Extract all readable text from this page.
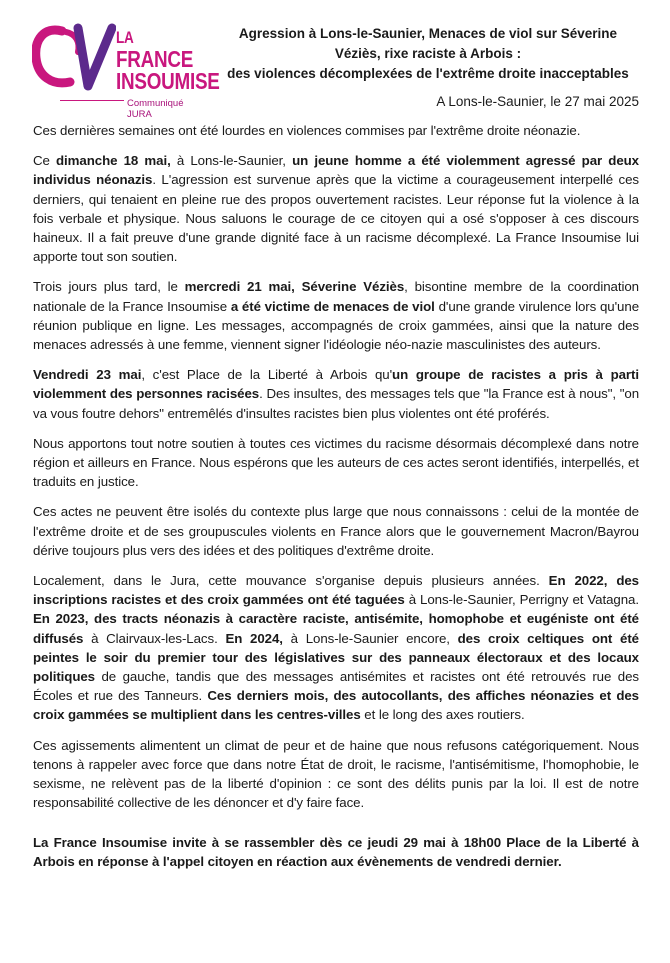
LA
FRANCE
INSOUMISE
Communiqué JURA
Agression à Lons-le-Saunier, Menaces de viol sur Séverine
Véziès, rixe raciste à Arbois :
des violences décomplexées de l'extrême droite inacceptables

A Lons-le-Saunier, le 27 mai 2025

Ces dernières semaines ont été lourdes en violences commises par l'extrême droite néonazie.

Ce dimanche 18 mai, à Lons-le-Saunier, un jeune homme a été violemment agressé par deux individus néonazis. L'agression est survenue après que la victime a courageusement interpellé ces derniers, qui tenaient en pleine rue des propos ouvertement racistes. Leur réponse fut la violence à la fois verbale et physique. Nous saluons le courage de ce citoyen qui a osé s'opposer à ces discours haineux. Il a fait preuve d'une grande dignité face à un racisme décomplexé. La France Insoumise lui apporte tout son soutien.

Trois jours plus tard, le mercredi 21 mai, Séverine Véziès, bisontine membre de la coordination nationale de la France Insoumise a été victime de menaces de viol d'une grande virulence lors qu'une réunion publique en ligne. Les messages, accompagnés de croix gammées, ainsi que la nature des menaces adressés à une femme, viennent signer l'idéologie néo-nazie masculinistes des auteurs.

Vendredi 23 mai, c'est Place de la Liberté à Arbois qu'un groupe de racistes a pris à parti violemment des personnes racisées. Des insultes, des messages tels que "la France est à nous", "on va vous foutre dehors" entremêlés d'insultes racistes bien plus violentes ont été proférés.

Nous apportons tout notre soutien à toutes ces victimes du racisme désormais décomplexé dans notre région et ailleurs en France. Nous espérons que les auteurs de ces actes seront identifiés, interpellés, et traduits en justice.

Ces actes ne peuvent être isolés du contexte plus large que nous connaissons : celui de la montée de l'extrême droite et de ses groupuscules violents en France alors que le gouvernement Macron/Bayrou dérive toujours plus vers des idées et des politiques d'extrême droite.

Localement, dans le Jura, cette mouvance s'organise depuis plusieurs années. En 2022, des inscriptions racistes et des croix gammées ont été taguées à Lons-le-Saunier, Perrigny et Vatagna. En 2023, des tracts néonazis à caractère raciste, antisémite, homophobe et eugéniste ont été diffusés à Clairvaux-les-Lacs. En 2024, à Lons-le-Saunier encore, des croix celtiques ont été peintes le soir du premier tour des législatives sur des panneaux électoraux et des locaux politiques de gauche, tandis que des messages antisémites et racistes ont été retrouvés rue des Écoles et rue des Tanneurs. Ces derniers mois, des autocollants, des affiches néonazies et des croix gammées se multiplient dans les centres-villes et le long des axes routiers.

Ces agissements alimentent un climat de peur et de haine que nous refusons catégoriquement. Nous tenons à rappeler avec force que dans notre État de droit, le racisme, l'antisémitisme, l'homophobie, le sexisme, ne relèvent pas de la liberté d'opinion : ce sont des délits punis par la loi. Il est de notre responsabilité collective de les dénoncer et d'y faire face.

La France Insoumise invite à se rassembler dès ce jeudi 29 mai à 18h00 Place de la Liberté à Arbois en réponse à l'appel citoyen en réaction aux évènements de vendredi dernier.
